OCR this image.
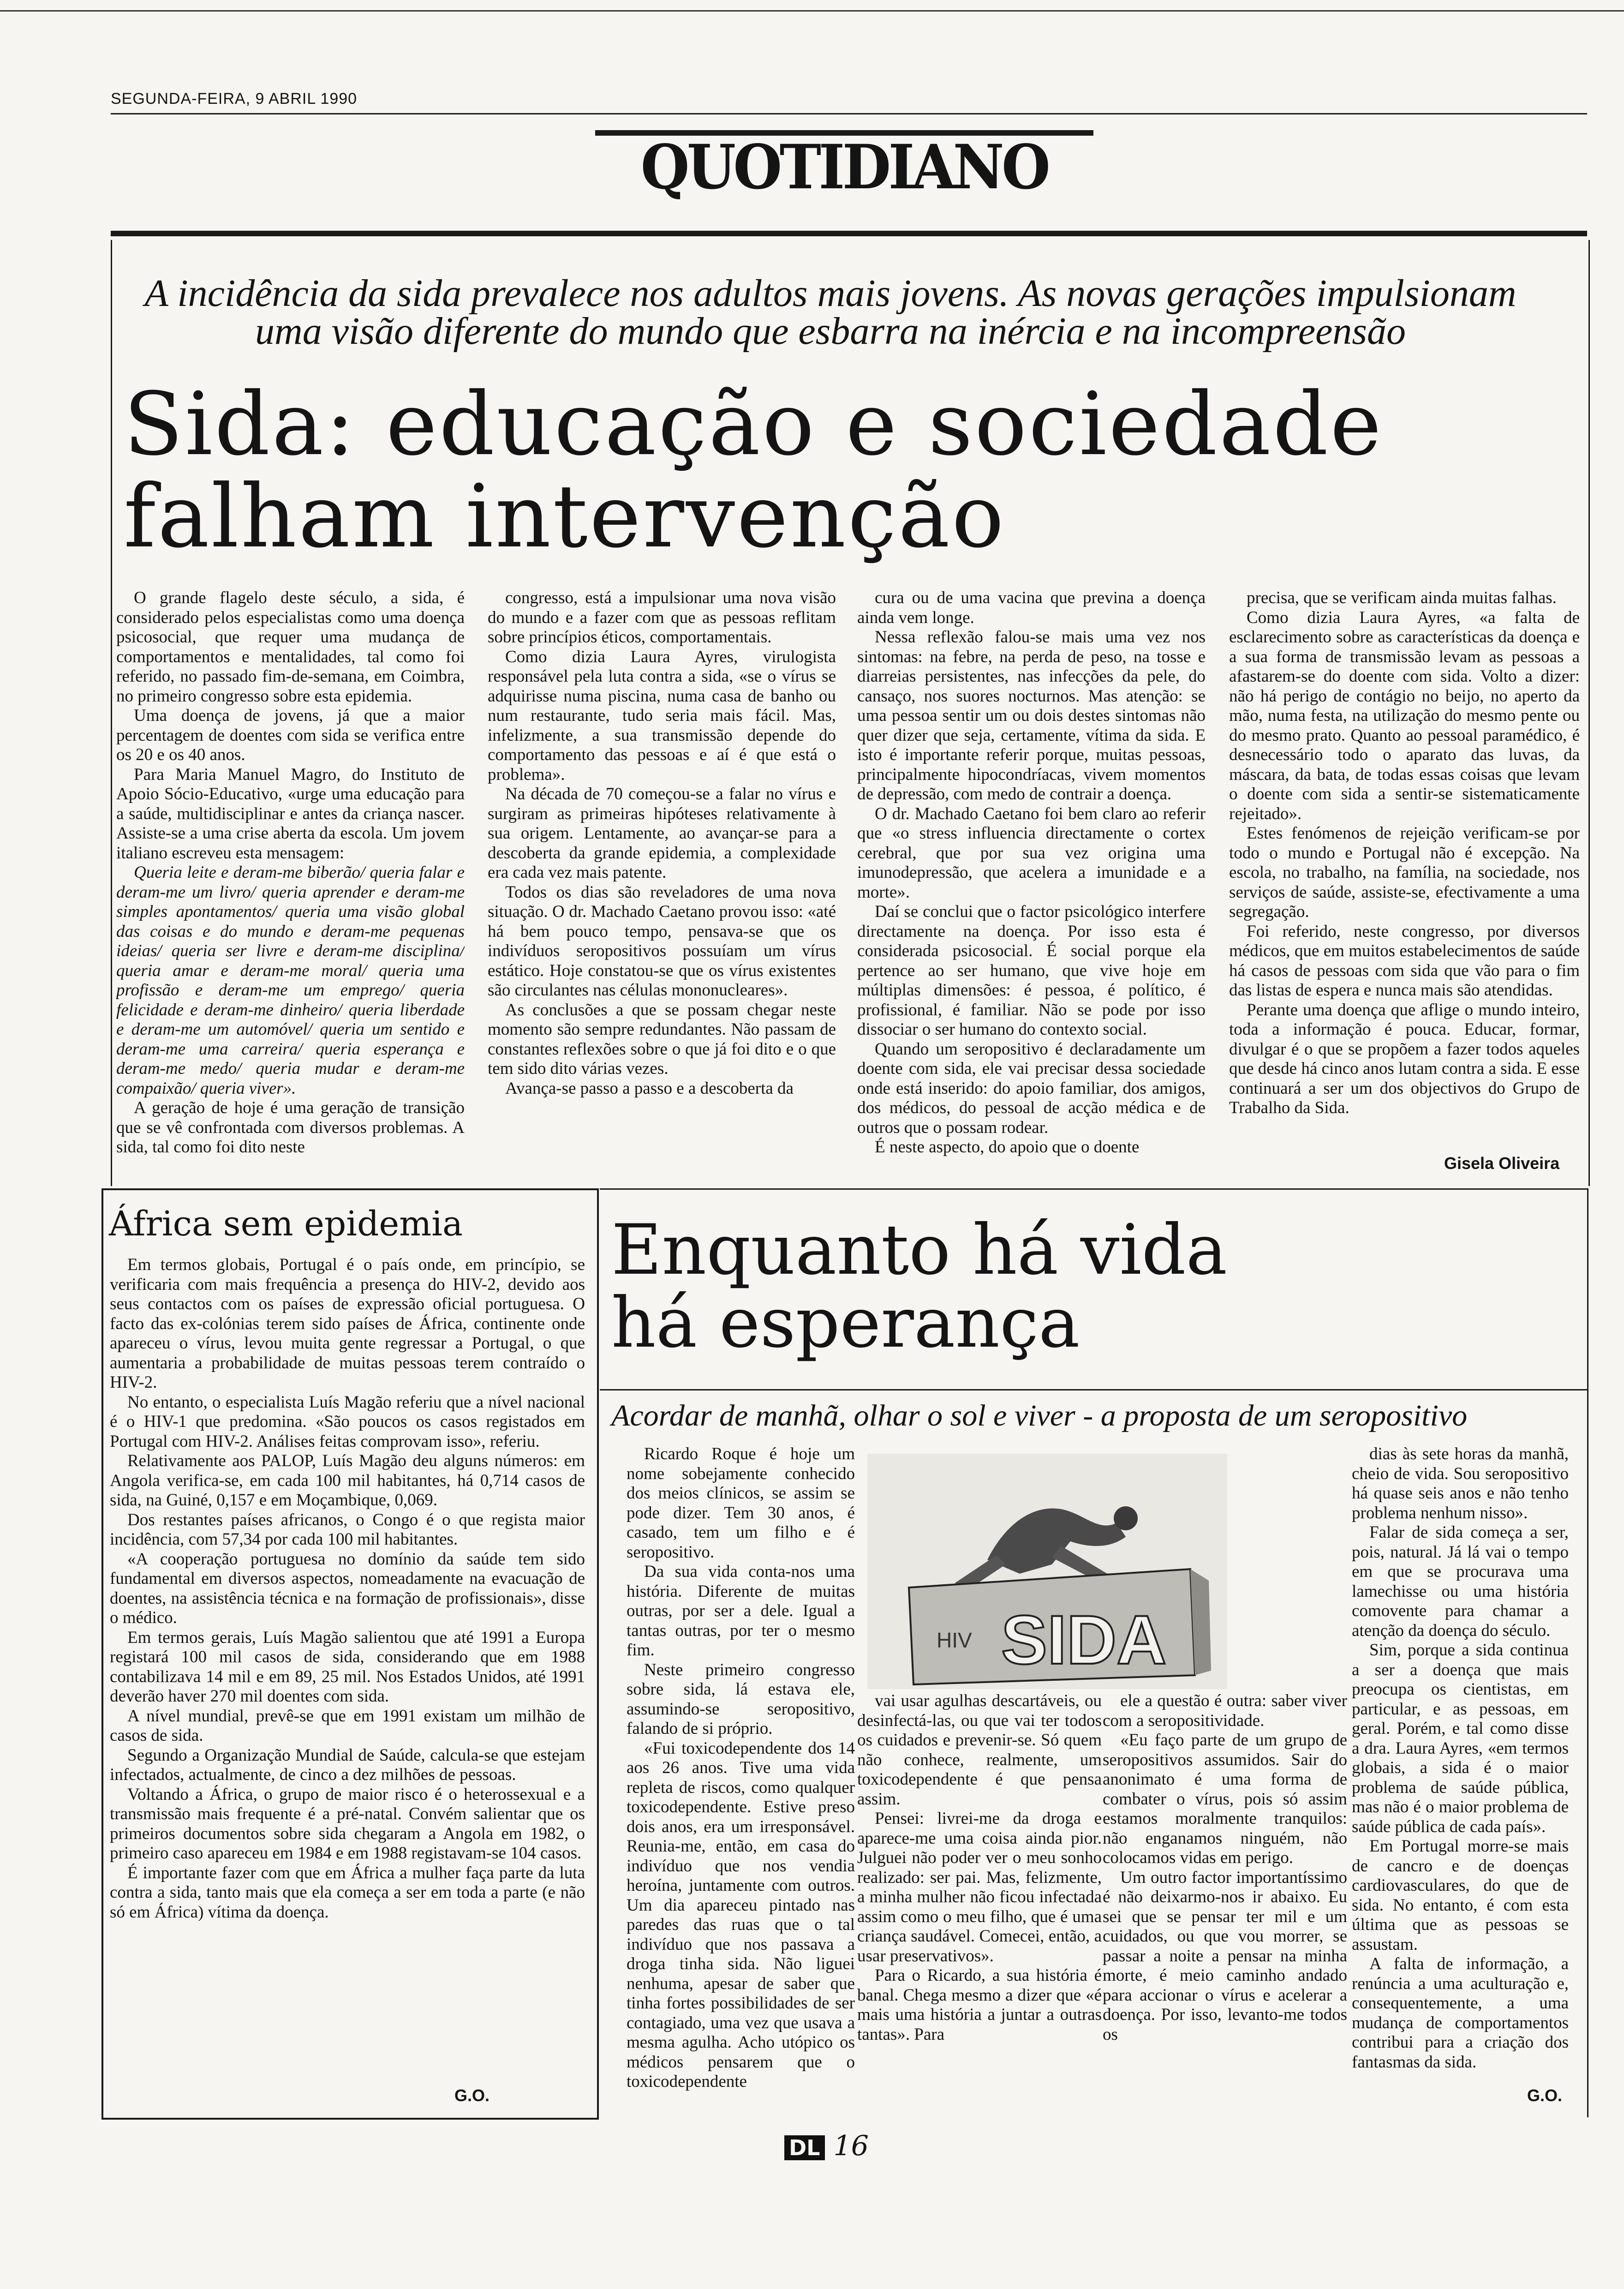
SEGUNDA-FEIRA, 9 ABRIL 1990
QUOTIDIANO
A incidência da sida prevalece nos adultos mais jovens. As novas gerações impulsionam
uma visão diferente do mundo que esbarra na inércia e na incompreensão
Sida: educação e sociedade
falham intervenção

O grande flagelo deste século, a sida, é considerado pelos especialistas como uma doença psicosocial, que requer uma mudança de comportamentos e mentalidades, tal como foi referido, no passado fim-de-semana, em Coimbra, no primeiro congresso sobre esta epidemia.

Uma doença de jovens, já que a maior percentagem de doentes com sida se verifica entre os 20 e os 40 anos.

Para Maria Manuel Magro, do Instituto de Apoio Sócio-Educativo, «urge uma educação para a saúde, multidisciplinar e antes da criança nascer. Assiste-se a uma crise aberta da escola. Um jovem italiano escreveu esta mensagem:

Queria leite e deram-me biberão/ queria falar e deram-me um livro/ queria aprender e deram-me simples apontamentos/ queria uma visão global das coisas e do mundo e deram-me pequenas ideias/ queria ser livre e deram-me disciplina/ queria amar e deram-me moral/ queria uma profissão e deram-me um emprego/ queria felicidade e deram-me dinheiro/ queria liberdade e deram-me um automóvel/ queria um sentido e deram-me uma carreira/ queria esperança e deram-me medo/ queria mudar e deram-me compaixão/ queria viver».

A geração de hoje é uma geração de transição que se vê confrontada com diversos problemas. A sida, tal como foi dito neste

congresso, está a impulsionar uma nova visão do mundo e a fazer com que as pessoas reflitam sobre princípios éticos, comportamentais.

Como dizia Laura Ayres, virulogista responsável pela luta contra a sida, «se o vírus se adquirisse numa piscina, numa casa de banho ou num restaurante, tudo seria mais fácil. Mas, infelizmente, a sua transmissão depende do comportamento das pessoas e aí é que está o problema».

Na década de 70 começou-se a falar no vírus e surgiram as primeiras hipóteses relativamente à sua origem. Lentamente, ao avançar-se para a descoberta da grande epidemia, a complexidade era cada vez mais patente.

Todos os dias são reveladores de uma nova situação. O dr. Machado Caetano provou isso: «até há bem pouco tempo, pensava-se que os indivíduos seropositivos possuíam um vírus estático. Hoje constatou-se que os vírus existentes são circulantes nas células mononucleares».

As conclusões a que se possam chegar neste momento são sempre redundantes. Não passam de constantes reflexões sobre o que já foi dito e o que tem sido dito várias vezes.

Avança-se passo a passo e a descoberta da

cura ou de uma vacina que previna a doença ainda vem longe.

Nessa reflexão falou-se mais uma vez nos sintomas: na febre, na perda de peso, na tosse e diarreias persistentes, nas infecções da pele, do cansaço, nos suores nocturnos. Mas atenção: se uma pessoa sentir um ou dois destes sintomas não quer dizer que seja, certamente, vítima da sida. E isto é importante referir porque, muitas pessoas, principalmente hipocondríacas, vivem momentos de depressão, com medo de contrair a doença.

O dr. Machado Caetano foi bem claro ao referir que «o stress influencia directamente o cortex cerebral, que por sua vez origina uma imunodepressão, que acelera a imunidade e a morte».

Daí se conclui que o factor psicológico interfere directamente na doença. Por isso esta é considerada psicosocial. É social porque ela pertence ao ser humano, que vive hoje em múltiplas dimensões: é pessoa, é político, é profissional, é familiar. Não se pode por isso dissociar o ser humano do contexto social.

Quando um seropositivo é declaradamente um doente com sida, ele vai precisar dessa sociedade onde está inserido: do apoio familiar, dos amigos, dos médicos, do pessoal de acção médica e de outros que o possam rodear.

É neste aspecto, do apoio que o doente

precisa, que se verificam ainda muitas falhas.

Como dizia Laura Ayres, «a falta de esclarecimento sobre as características da doença e a sua forma de transmissão levam as pessoas a afastarem-se do doente com sida. Volto a dizer: não há perigo de contágio no beijo, no aperto da mão, numa festa, na utilização do mesmo pente ou do mesmo prato. Quanto ao pessoal paramédico, é desnecessário todo o aparato das luvas, da máscara, da bata, de todas essas coisas que levam o doente com sida a sentir-se sistematicamente rejeitado».

Estes fenómenos de rejeição verificam-se por todo o mundo e Portugal não é excepção. Na escola, no trabalho, na família, na sociedade, nos serviços de saúde, assiste-se, efectivamente a uma segregação.

Foi referido, neste congresso, por diversos médicos, que em muitos estabelecimentos de saúde há casos de pessoas com sida que vão para o fim das listas de espera e nunca mais são atendidas.

Perante uma doença que aflige o mundo inteiro, toda a informação é pouca. Educar, formar, divulgar é o que se propõem a fazer todos aqueles que desde há cinco anos lutam contra a sida. E esse continuará a ser um dos objectivos do Grupo de Trabalho da Sida.

Gisela Oliveira
África sem epidemia

Em termos globais, Portugal é o país onde, em princípio, se verificaria com mais frequência a presença do HIV-2, devido aos seus contactos com os países de expressão oficial portuguesa. O facto das ex-colónias terem sido países de África, continente onde apareceu o vírus, levou muita gente regressar a Portugal, o que aumentaria a probabilidade de muitas pessoas terem contraído o HIV-2.

No entanto, o especialista Luís Magão referiu que a nível nacional é o HIV-1 que predomina. «São poucos os casos registados em Portugal com HIV-2. Análises feitas comprovam isso», referiu.

Relativamente aos PALOP, Luís Magão deu alguns números: em Angola verifica-se, em cada 100 mil habitantes, há 0,714 casos de sida, na Guiné, 0,157 e em Moçambique, 0,069.

Dos restantes países africanos, o Congo é o que regista maior incidência, com 57,34 por cada 100 mil habitantes.

«A cooperação portuguesa no domínio da saúde tem sido fundamental em diversos aspectos, nomeadamente na evacuação de doentes, na assistência técnica e na formação de profissionais», disse o médico.

Em termos gerais, Luís Magão salientou que até 1991 a Europa registará 100 mil casos de sida, considerando que em 1988 contabilizava 14 mil e em 89, 25 mil. Nos Estados Unidos, até 1991 deverão haver 270 mil doentes com sida.

A nível mundial, prevê-se que em 1991 existam um milhão de casos de sida.

Segundo a Organização Mundial de Saúde, calcula-se que estejam infectados, actualmente, de cinco a dez milhões de pessoas.

Voltando a África, o grupo de maior risco é o heterossexual e a transmissão mais frequente é a pré-natal. Convém salientar que os primeiros documentos sobre sida chegaram a Angola em 1982, o primeiro caso apareceu em 1984 e em 1988 registavam-se 104 casos.

É importante fazer com que em África a mulher faça parte da luta contra a sida, tanto mais que ela começa a ser em toda a parte (e não só em África) vítima da doença.

G.O.
Enquanto há vida
há esperança
Acordar de manhã, olhar o sol e viver - a proposta de um seropositivo
HIV SIDA

Ricardo Roque é hoje um nome sobejamente conhecido dos meios clínicos, se assim se pode dizer. Tem 30 anos, é casado, tem um filho e é seropositivo.

Da sua vida conta-nos uma história. Diferente de muitas outras, por ser a dele. Igual a tantas outras, por ter o mesmo fim.

Neste primeiro congresso sobre sida, lá estava ele, assumindo-se seropositivo, falando de si próprio.

«Fui toxicodependente dos 14 aos 26 anos. Tive uma vida repleta de riscos, como qualquer toxicodependente. Estive preso dois anos, era um irresponsável. Reunia-me, então, em casa do indivíduo que nos vendia heroína, juntamente com outros. Um dia apareceu pintado nas paredes das ruas que o tal indivíduo que nos passava a droga tinha sida. Não liguei nenhuma, apesar de saber que tinha fortes possibilidades de ser contagiado, uma vez que usava a mesma agulha. Acho utópico os médicos pensarem que o toxicodependente

vai usar agulhas descartáveis, ou desinfectá-las, ou que vai ter todos os cuidados e prevenir-se. Só quem não conhece, realmente, um toxicodependente é que pensa assim.

Pensei: livrei-me da droga e aparece-me uma coisa ainda pior. Julguei não poder ver o meu sonho realizado: ser pai. Mas, felizmente, a minha mulher não ficou infectada assim como o meu filho, que é uma criança saudável. Comecei, então, a usar preservativos».

Para o Ricardo, a sua história é banal. Chega mesmo a dizer que «é mais uma história a juntar a outras tantas». Para

ele a questão é outra: saber viver com a seropositividade.

«Eu faço parte de um grupo de seropositivos assumidos. Sair do anonimato é uma forma de combater o vírus, pois só assim estamos moralmente tranquilos: não enganamos ninguém, não colocamos vidas em perigo.

Um outro factor importantíssimo é não deixarmo-nos ir abaixo. Eu sei que se pensar ter mil e um cuidados, ou que vou morrer, se passar a noite a pensar na minha morte, é meio caminho andado para accionar o vírus e acelerar a doença. Por isso, levanto-me todos os

dias às sete horas da manhã, cheio de vida. Sou seropositivo há quase seis anos e não tenho problema nenhum nisso».

Falar de sida começa a ser, pois, natural. Já lá vai o tempo em que se procurava uma lamechisse ou uma história comovente para chamar a atenção da doença do século.

Sim, porque a sida continua a ser a doença que mais preocupa os cientistas, em particular, e as pessoas, em geral. Porém, e tal como disse a dra. Laura Ayres, «em termos globais, a sida é o maior problema de saúde pública, mas não é o maior problema de saúde pública de cada país».

Em Portugal morre-se mais de cancro e de doenças cardiovasculares, do que de sida. No entanto, é com esta última que as pessoas se assustam.

A falta de informação, a renúncia a uma aculturação e, consequentemente, a uma mudança de comportamentos contribui para a criação dos fantasmas da sida.

G.O.
DL 16
